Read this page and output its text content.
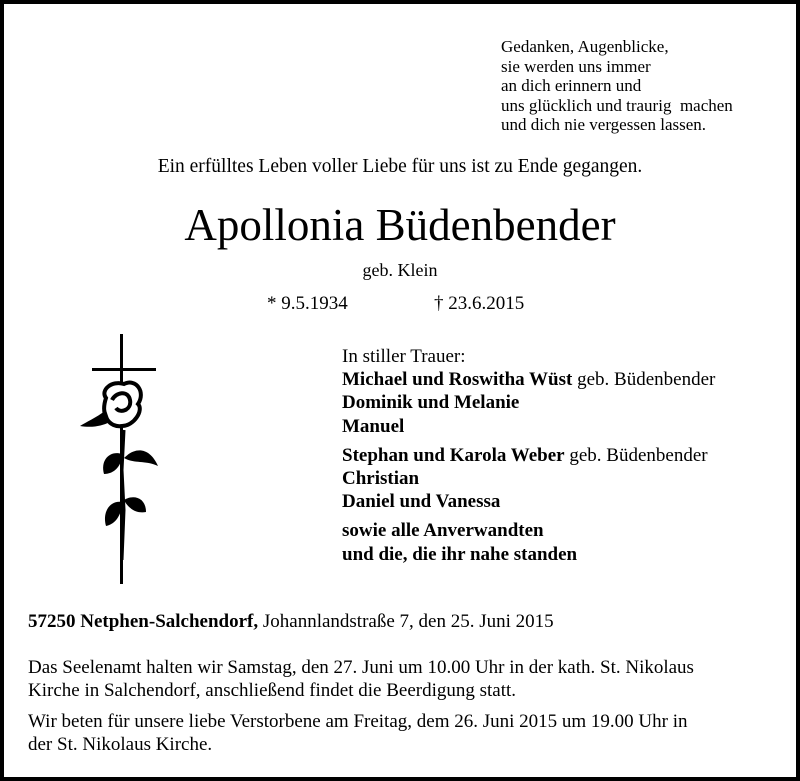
Gedanken, Augenblicke,
sie werden uns immer
an dich erinnern und
uns glücklich und traurig  machen
und dich nie vergessen lassen.
Ein erfülltes Leben voller Liebe für uns ist zu Ende gegangen.
Apollonia Büdenbender
geb. Klein
* 9.5.1934	† 23.6.2015
In stiller Trauer:
Michael und Roswitha Wüst geb. Büdenbender
Dominik und Melanie
Manuel
Stephan und Karola Weber geb. Büdenbender
Christian
Daniel und Vanessa
sowie alle Anverwandten
und die, die ihr nahe standen
57250 Netphen-Salchendorf, Johannlandstraße 7, den 25. Juni 2015
Das Seelenamt halten wir Samstag, den 27. Juni um 10.00 Uhr in der kath. St. Nikolaus
Kirche in Salchendorf, anschließend findet die Beerdigung statt.
Wir beten für unsere liebe Verstorbene am Freitag, dem 26. Juni 2015 um 19.00 Uhr in
der St. Nikolaus Kirche.
